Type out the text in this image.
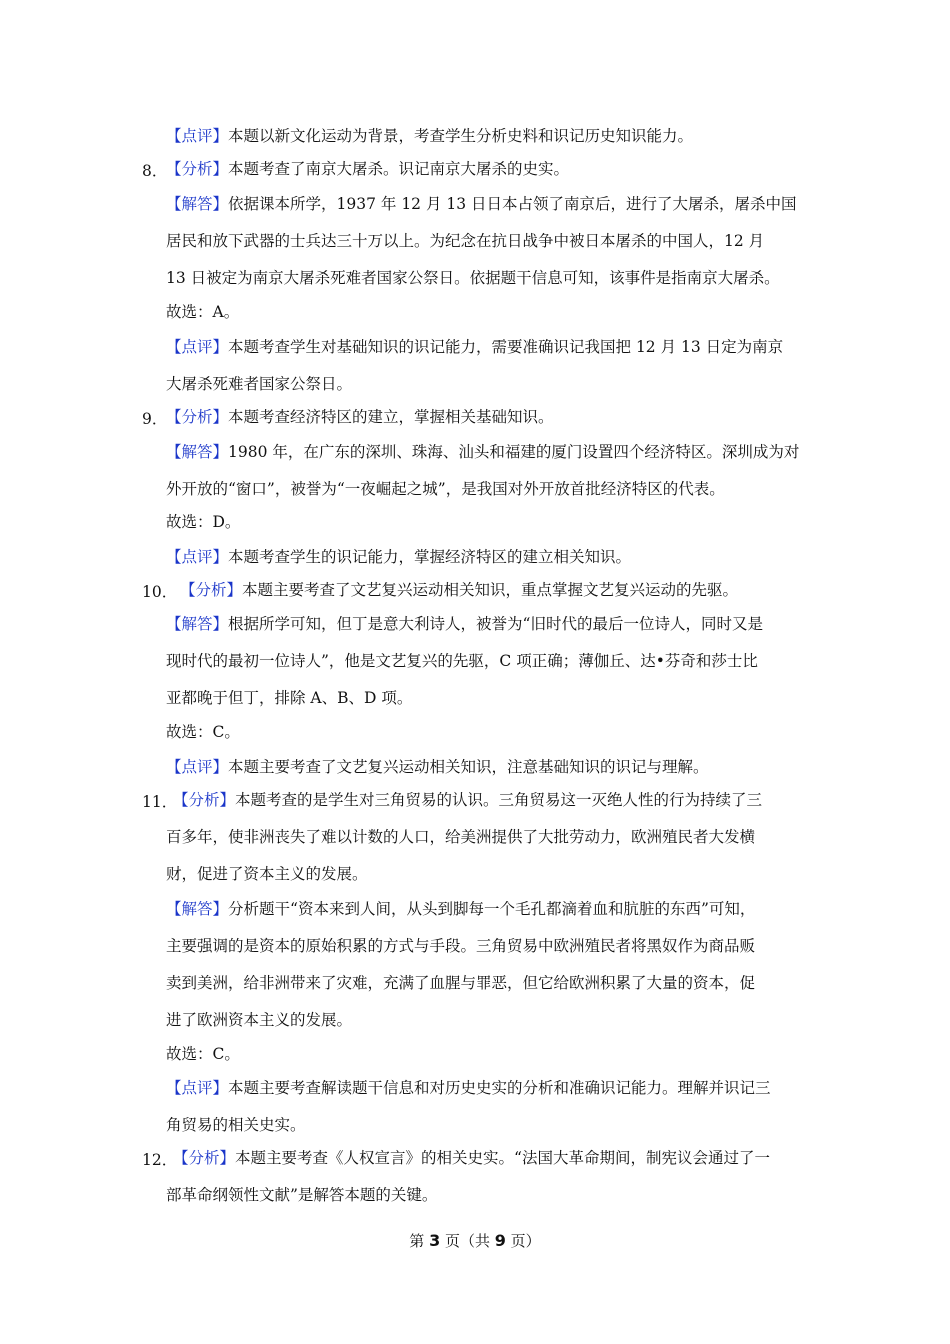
【点评】本题以新文化运动为背景，考查学生分析史料和识记历史知识能力。
8．
【分析】本题考查了南京大屠杀。识记南京大屠杀的史实。
【解答】依据课本所学，1937 年 12 月 13 日日本占领了南京后，进行了大屠杀，屠杀中国
居民和放下武器的士兵达三十万以上。为纪念在抗日战争中被日本屠杀的中国人，12 月
13 日被定为南京大屠杀死难者国家公祭日。依据题干信息可知，该事件是指南京大屠杀。
故选：A。
【点评】本题考查学生对基础知识的识记能力，需要准确识记我国把 12 月 13 日定为南京
大屠杀死难者国家公祭日。
9．
【分析】本题考查经济特区的建立，掌握相关基础知识。
【解答】1980 年，在广东的深圳、珠海、汕头和福建的厦门设置四个经济特区。深圳成为对
外开放的“窗口”，被誉为“一夜崛起之城”，是我国对外开放首批经济特区的代表。
故选：D。
【点评】本题考查学生的识记能力，掌握经济特区的建立相关知识。
10． 【分析】本题主要考查了文艺复兴运动相关知识，重点掌握文艺复兴运动的先驱。
【解答】根据所学可知，但丁是意大利诗人，被誉为“旧时代的最后一位诗人，同时又是
现时代的最初一位诗人”，他是文艺复兴的先驱，C 项正确；薄伽丘、达•芬奇和莎士比
亚都晚于但丁，排除 A、B、D 项。
故选：C。
【点评】本题主要考查了文艺复兴运动相关知识，注意基础知识的识记与理解。
11．
【分析】本题考查的是学生对三角贸易的认识。三角贸易这一灭绝人性的行为持续了三
百多年，使非洲丧失了难以计数的人口，给美洲提供了大批劳动力，欧洲殖民者大发横
财，促进了资本主义的发展。
【解答】分析题干“资本来到人间，从头到脚每一个毛孔都滴着血和肮脏的东西”可知，
主要强调的是资本的原始积累的方式与手段。三角贸易中欧洲殖民者将黑奴作为商品贩
卖到美洲，给非洲带来了灾难，充满了血腥与罪恶，但它给欧洲积累了大量的资本，促
进了欧洲资本主义的发展。
故选：C。
【点评】本题主要考查解读题干信息和对历史史实的分析和准确识记能力。理解并识记三
角贸易的相关史实。
12．
【分析】本题主要考查《人权宣言》的相关史实。“法国大革命期间，制宪议会通过了一
部革命纲领性文献”是解答本题的关键。
第 3 页（共 9 页）
